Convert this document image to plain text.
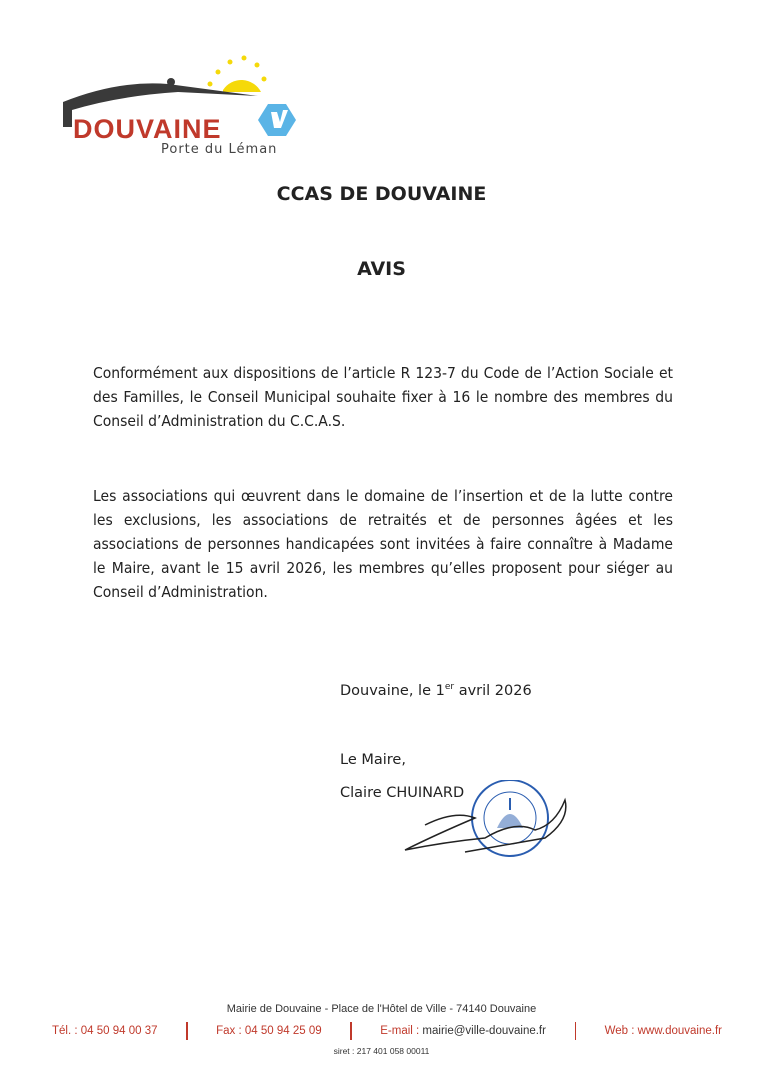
DOUVAINE
Porte du Léman
CCAS DE DOUVAINE
AVIS
Conformément aux dispositions de l’article R 123-7 du Code de l’Action Sociale et des Familles, le Conseil Municipal souhaite fixer à 16 le nombre des membres du Conseil d’Administration du C.C.A.S.
Les associations qui œuvrent dans le domaine de l’insertion et de la lutte contre les exclusions, les associations de retraités et de personnes âgées et les associations de personnes handicapées sont invitées à faire connaître à Madame le Maire, avant le 15 avril 2026, les membres qu’elles proposent pour siéger au Conseil d’Administration.
Douvaine, le 1er avril 2026
Le Maire,
Claire CHUINARD
Mairie de Douvaine - Place de l'Hôtel de Ville - 74140 Douvaine
Tél. : 04 50 94 00 37	Fax : 04 50 94 25 09	E-mail : mairie@ville-douvaine.fr	Web : www.douvaine.fr
siret : 217 401 058 00011
